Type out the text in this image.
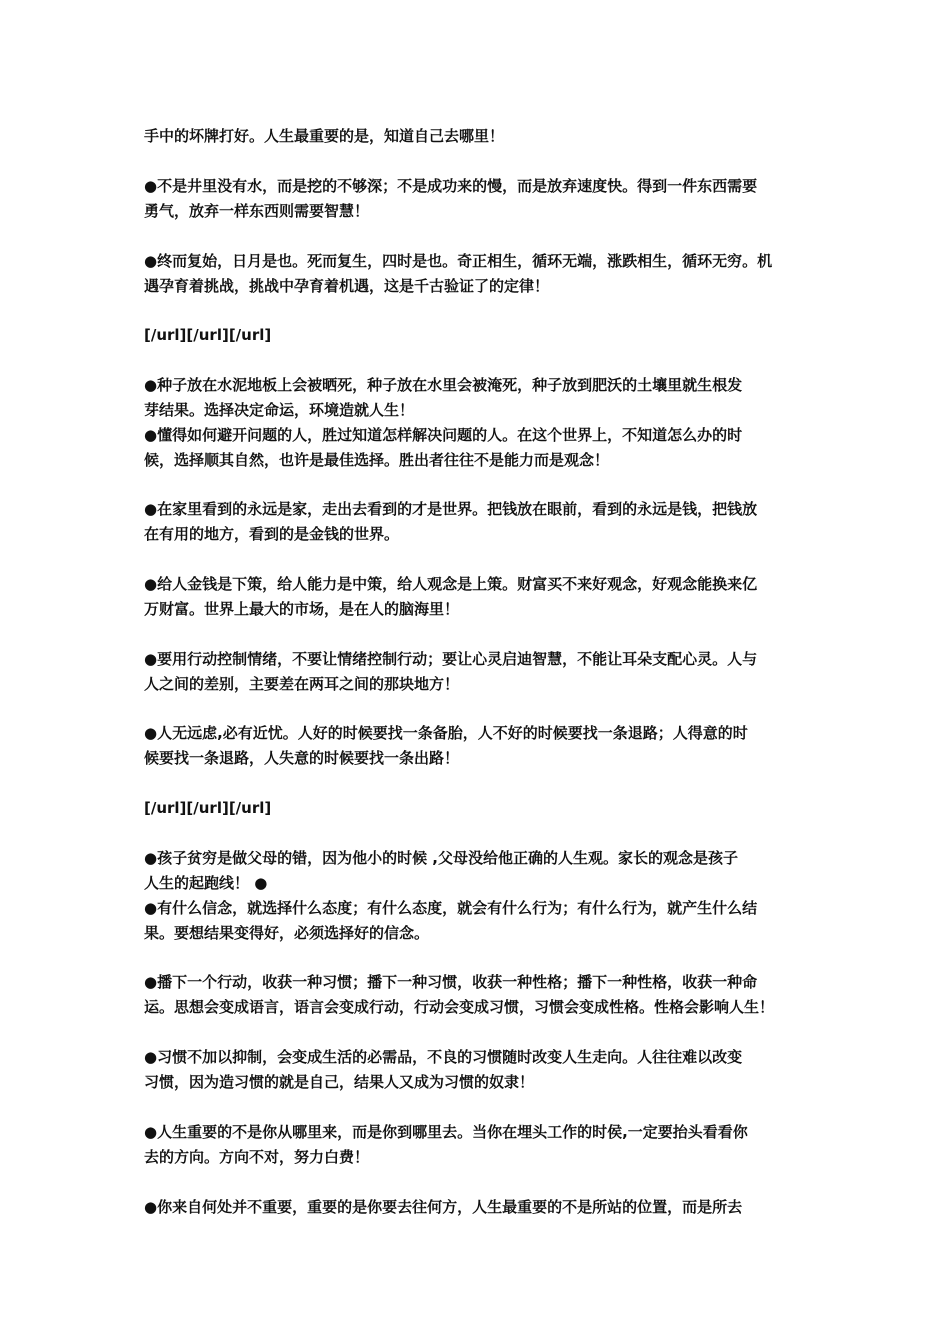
手中的坏牌打好。人生最重要的是，知道自己去哪里！
●不是井里没有水，而是挖的不够深；不是成功来的慢，而是放弃速度快。得到一件东西需要
勇气，放弃一样东西则需要智慧！
●终而复始，日月是也。死而复生，四时是也。奇正相生，循环无端，涨跌相生，循环无穷。机
遇孕育着挑战，挑战中孕育着机遇，这是千古验证了的定律！
[/url][/url][/url]
●种子放在水泥地板上会被晒死，种子放在水里会被淹死，种子放到肥沃的土壤里就生根发
芽结果。选择决定命运，环境造就人生！
●懂得如何避开问题的人，胜过知道怎样解决问题的人。在这个世界上，不知道怎么办的时
候，选择顺其自然，也许是最佳选择。胜出者往往不是能力而是观念！
●在家里看到的永远是家，走出去看到的才是世界。把钱放在眼前，看到的永远是钱，把钱放
在有用的地方，看到的是金钱的世界。
●给人金钱是下策，给人能力是中策，给人观念是上策。财富买不来好观念，好观念能换来亿
万财富。世界上最大的市场，是在人的脑海里！
●要用行动控制情绪，不要让情绪控制行动；要让心灵启迪智慧，不能让耳朵支配心灵。人与
人之间的差别，主要差在两耳之间的那块地方！
●人无远虑,必有近忧。人好的时候要找一条备胎，人不好的时候要找一条退路；人得意的时
候要找一条退路，人失意的时候要找一条出路！
[/url][/url][/url]
●孩子贫穷是做父母的错，因为他小的时候 ,父母没给他正确的人生观。家长的观念是孩子
人生的起跑线！ ●
●有什么信念，就选择什么态度；有什么态度，就会有什么行为；有什么行为，就产生什么结
果。要想结果变得好，必须选择好的信念。
●播下一个行动，收获一种习惯；播下一种习惯，收获一种性格；播下一种性格，收获一种命
运。思想会变成语言，语言会变成行动，行动会变成习惯，习惯会变成性格。性格会影响人生！
●习惯不加以抑制，会变成生活的必需品，不良的习惯随时改变人生走向。人往往难以改变
习惯，因为造习惯的就是自己，结果人又成为习惯的奴隶！
●人生重要的不是你从哪里来，而是你到哪里去。当你在埋头工作的时侯,一定要抬头看看你
去的方向。方向不对，努力白费！
●你来自何处并不重要，重要的是你要去往何方，人生最重要的不是所站的位置，而是所去
